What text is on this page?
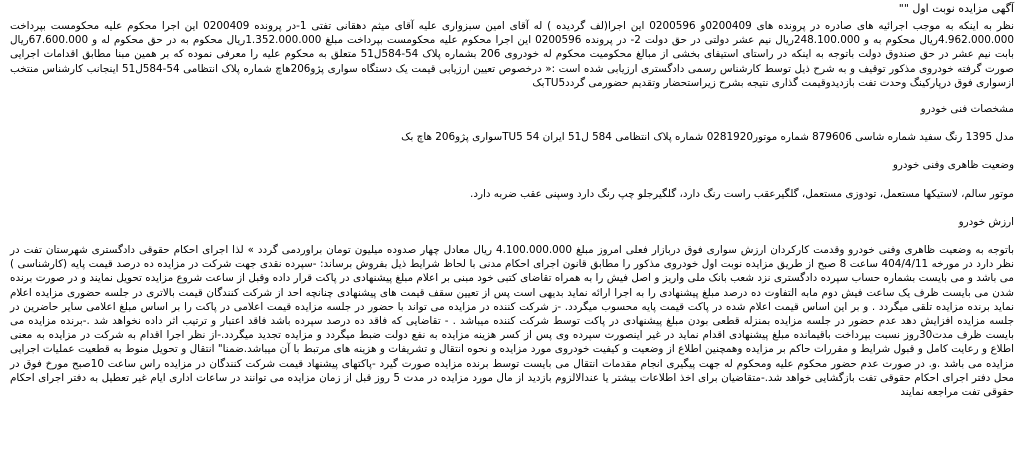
آگهی مزایده نوبت اول ""

نظر به اینکه به موجب اجرائیه های صادره در پرونده های 0200409و 0200596 این اجرا(لف گردیده ) له آقای امین سبزواری علیه آقای میثم دهقانی تفتی 1-در پرونده 0200409 این اجرا محکوم علیه محکومست بپرداخت 4.962.000.000ریال محکوم به و 248.100.000ریال نیم عشر دولتی در حق دولت 2- در پرونده 0200596 این اجرا محکوم علیه محکومست بپرداخت مبلغ 1.352.000.000ریال محکوم به در حق محکوم له و 67.600.000ریال بابت نیم عشر در حق صندوق دولت باتوجه به اینکه در راستای استیفای بخشی از مبالغ محکومیت محکوم له خودروی 206 بشماره پلاک 54-584ل51 متعلق به محکوم علیه را معرفی نموده که بر همین مبنا مطابق اقدامات اجرایی صورت گرفته خودروی مذکور توقیف و به شرح ذیل توسط کارشناس رسمی دادگستری ارزیابی شده است :« درخصوص تعیین ارزیابی قیمت یک دستگاه سواری پژو206هاچ شماره پلاک انتظامی 54-584ل51 اینجانب کارشناس منتخب ازسواری فوق درپارکینگ وحدت تفت بازدیدوقیمت گذاری نتیجه بشرح زیراستحضار وتقدیم حضورمی گرددTU5بک

مشخصات فنی خودرو

مدل 1395 رنگ سفید شماره شاسی 879606 شماره موتور0281920 شماره پلاک انتظامی 584 ل51 ایران 54 TU5سواری پژو206 هاچ بک

وضعیت ظاهری وفنی خودرو

موتور سالم، لاستیکها مستعمل، تودوزی مستعمل، گلگیرعقب راست رنگ دارد، گلگیرجلو چپ رنگ دارد وسپنی عقب ضربه دارد.

ارزش خودرو

باتوجه به وضعیت ظاهری وفنی خودرو وقدمت کارکردان ارزش سواری فوق دربازار فعلی امروز مبلغ 4.100.000.000 ریال معادل چهار صدوده میلیون تومان براوردمی گردد » لذا اجرای احکام حقوقی دادگستری شهرستان تفت در نظر دارد در مورخه 404/4/11 ساعت 8 صبح از طریق مزایده نوبت اول خودروی مذکور را مطابق قانون اجرای احکام مدنی با لحاظ شرایط ذیل بفروش برساند: -سپرده نقدی جهت شرکت در مزایده ده درصد قیمت پایه (کارشناسی ) می باشد و می بایست بشماره حساب سپرده دادگستری نزد شعب بانک ملی واریز و اصل فیش را به همراه تقاضای کتبی خود مبنی بر اعلام مبلغ پیشنهادی در پاکت قرار داده وقبل از ساعت شروع مزایده تحویل نمایند و در صورت برنده شدن می بایست ظرف یک ساعت فیش دوم مابه التفاوت ده درصد مبلغ پیشنهادی را به اجرا ارائه نماید بدیهی است پس از تعیین سقف قیمت های پیشنهادی چنانچه احد از شرکت کنندگان قیمت بالاتری در جلسه حضوری مزایده اعلام نماید برنده مزایده تلقی میگردد . و بر این اساس قیمت اعلام شده در پاکت قیمت پایه محسوب میگردد. -ز شرکت کننده در مزایده می تواند با حضور در جلسه مزایده قیمت اعلامی در پاکت را بر اساس مبلغ اعلامی سایر حاضرین در جلسه مزایده افزایش دهد عدم حضور در جلسه مزایده بمنزله قطعی بودن مبلغ پیشنهادی در پاکت توسط شرکت کننده میباشد . - تقاضایی که فاقد ده درصد سپرده باشد فاقد اعتبار و ترتیب اثر داده نخواهد شد .-برنده مزایده می بایست ظرف مدت30روز نسبت بپرداخت باقیمانده مبلغ پیشنهادی اقدام نماید در غیر اینصورت سپرده وی پس از کسر هزینه مزایده به نفع دولت ضبط میگردد و مزایده تجدید میگردد.-از نظر اجرا اقدام به شرکت در مزایده به معنی اطلاع و رعایت کامل و قبول شرایط و مقررات حاکم بر مزایده وهمچنین اطلاع از وضعیت و کیفیت خودروی مورد مزایده و نحوه انتقال و تشریفات و هزینه های مرتبط با آن میباشد.ضمنا" انتقال و تحویل منوط به قطعیت عملیات اجرایی مزایده می باشد .و. در صورت عدم حضور محکوم علیه ومحکوم له جهت پیگیری انجام مقدمات انتقال می بایست توسط برنده مزایده صورت گیرد -پاکتهای پیشنهاد قیمت شرکت کنندگان در مزایده راس ساعت 10صبح مورخ فوق در محل دفتر اجرای احکام حقوقی تفت بازگشایی خواهد شد.-متقاضیان برای اخذ اطلاعات بیشتر یا عندالالزوم بازدید از مال مورد مزایده در مدت 5 روز قبل از زمان مزایده می توانند در ساعات اداری ایام غیر تعطیل به دفتر اجرای احکام حقوقی تفت مراجعه نمایند
